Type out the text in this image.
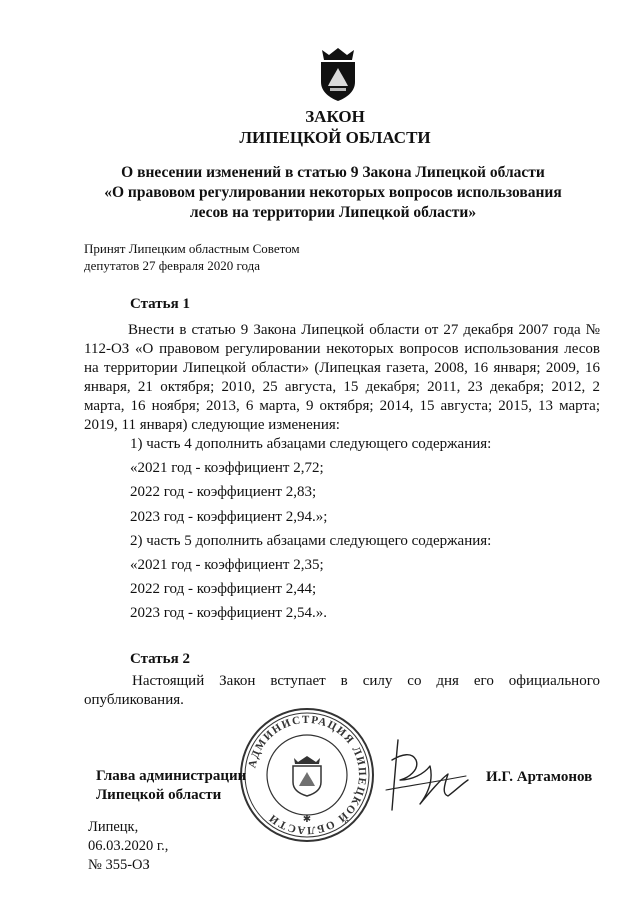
ЗАКОН
ЛИПЕЦКОЙ ОБЛАСТИ
О внесении изменений в статью 9 Закона Липецкой области
«О правовом регулировании некоторых вопросов использования
лесов на территории Липецкой области»
Принят Липецким областным Советом
депутатов 27 февраля 2020 года
Статья 1
Внести в статью 9 Закона Липецкой области от 27 декабря 2007 года № 112-ОЗ «О правовом регулировании некоторых вопросов использования лесов на территории Липецкой области» (Липецкая газета, 2008, 16 января; 2009, 16 января, 21 октября; 2010, 25 августа, 15 декабря; 2011, 23 декабря; 2012, 2 марта, 16 ноября; 2013, 6 марта, 9 октября; 2014, 15 августа; 2015, 13 марта; 2019, 11 января) следующие изменения:
1) часть 4 дополнить абзацами следующего содержания:
«2021 год - коэффициент 2,72;
2022 год - коэффициент 2,83;
2023 год - коэффициент 2,94.»;
2) часть 5 дополнить абзацами следующего содержания:
«2021 год - коэффициент 2,35;
2022 год - коэффициент 2,44;
2023 год - коэффициент 2,54.».
Статья 2
Настоящий Закон вступает в силу со дня его официального опубликования.
АДМИНИСТРАЦИЯ ЛИПЕЦКОЙ ОБЛАСТИ	✱
Глава администрации
Липецкой области
И.Г. Артамонов
Липецк,
06.03.2020 г.,
№ 355-ОЗ
